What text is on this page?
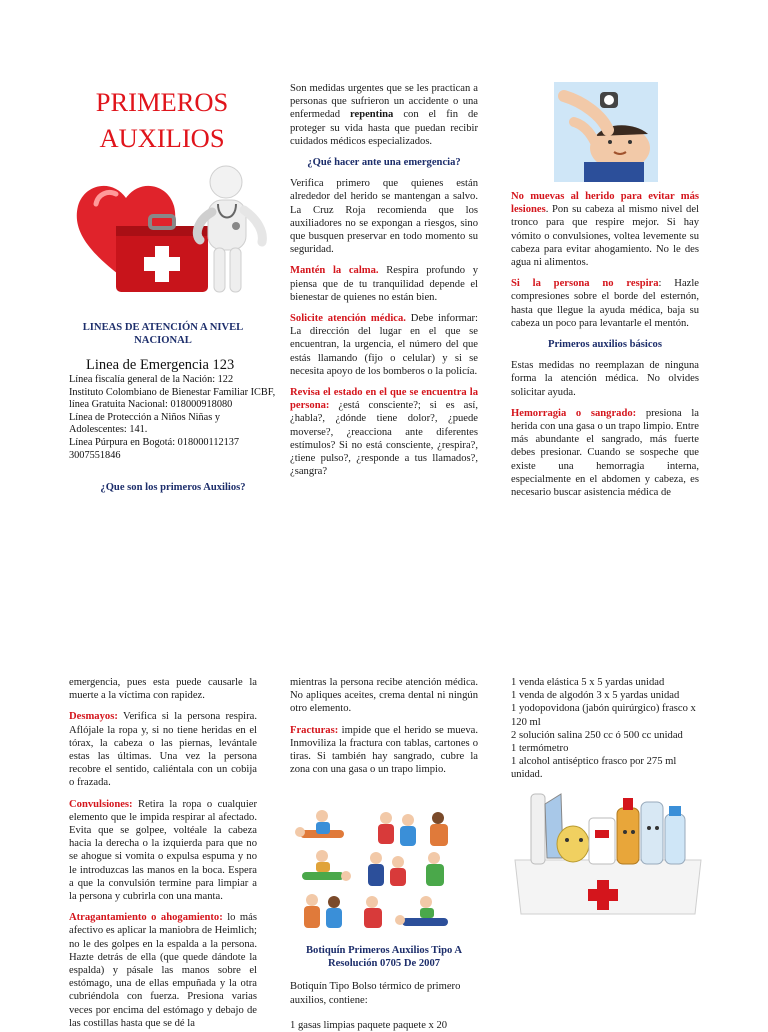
PRIMEROS
AUXILIOS
LINEAS DE ATENCIÓN A NIVEL NACIONAL
Linea de Emergencia 123
Línea fiscalía general de la Nación: 122
Instituto Colombiano de Bienestar Familiar ICBF, línea Gratuita Nacional: 018000918080
Línea de Protección a Niños Niñas y Adolescentes: 141.
Línea Púrpura en Bogotá: 018000112137 3007551846
¿Que son los primeros Auxilios?

Son medidas urgentes que se les practican a personas que sufrieron un accidente o una enfermedad repentina con el fin de proteger su vida hasta que puedan recibir cuidados médicos especializados.

¿Qué hacer ante una emergencia?

Verifica primero que quienes están alrededor del herido se mantengan a salvo. La Cruz Roja recomienda que los auxiliadores no se expongan a riesgos, sino que busquen preservar en todo momento su seguridad.

Mantén la calma. Respira profundo y piensa que de tu tranquilidad depende el bienestar de quienes no están bien.

Solicite atención médica. Debe informar: La dirección del lugar en el que se encuentran, la urgencia, el número del que estás llamando (fijo o celular) y si se necesita apoyo de los bomberos o la policía.

Revisa el estado en el que se encuentra la persona: ¿está consciente?; si es así, ¿habla?, ¿dónde tiene dolor?, ¿puede moverse?, ¿reacciona ante diferentes estímulos? Si no está consciente, ¿respira?, ¿tiene pulso?, ¿responde a tus llamados?, ¿sangra?

No muevas al herido para evitar más lesiones. Pon su cabeza al mismo nivel del tronco para que respire mejor. Si hay vómito o convulsiones, voltea levemente su cabeza para evitar ahogamiento. No le des agua ni alimentos.

Si la persona no respira: Hazle compresiones sobre el borde del esternón, hasta que llegue la ayuda médica, baja su cabeza un poco para levantarle el mentón.

Primeros auxilios básicos

Estas medidas no reemplazan de ninguna forma la atención médica. No olvides solicitar ayuda.

Hemorragia o sangrado: presiona la herida con una gasa o un trapo limpio. Entre más abundante el sangrado, más fuerte debes presionar. Cuando se sospeche que existe una hemorragia interna, especialmente en el abdomen y cabeza, es necesario buscar asistencia médica de

emergencia, pues esta puede causarle la muerte a la víctima con rapidez.

Desmayos: Verifica si la persona respira. Aflójale la ropa y, si no tiene heridas en el tórax, la cabeza o las piernas, levántale estas las últimas. Una vez la persona recobre el sentido, caliéntala con un cobija o frazada.

Convulsiones: Retira la ropa o cualquier elemento que le impida respirar al afectado. Evita que se golpee, voltéale la cabeza hacia la derecha o la izquierda para que no se ahogue si vomita o expulsa espuma y no le introduzcas las manos en la boca. Espera a que la convulsión termine para limpiar a la persona y cubrirla con una manta.

Atragantamiento o ahogamiento: lo más afectivo es aplicar la maniobra de Heimlich; no le des golpes en la espalda a la persona. Hazte detrás de ella (que quede dándote la espalda) y pásale las manos sobre el estómago, una de ellas empuñada y la otra cubriéndola con fuerza. Presiona varias veces por encima del estómago y debajo de las costillas hasta que se dé la

mientras la persona recibe atención médica. No apliques aceites, crema dental ni ningún otro elemento.

Fracturas: impide que el herido se mueva. Inmoviliza la fractura con tablas, cartones o tiras. Si también hay sangrado, cubre la zona con una gasa o un trapo limpio.

Botiquín Primeros Auxilios Tipo A Resolución 0705 De 2007

Botiquín Tipo Bolso térmico de primero auxilios, contiene:

1 gasas limpias paquete paquete x 20

1 venda elástica 5 x 5 yardas unidad
1 venda de algodón 3 x 5 yardas unidad
1 yodopovidona (jabón quirúrgico) frasco x 120 ml
2 solución salina 250 cc ó 500 cc unidad
1 termómetro
1 alcohol antiséptico frasco por 275 ml unidad.
